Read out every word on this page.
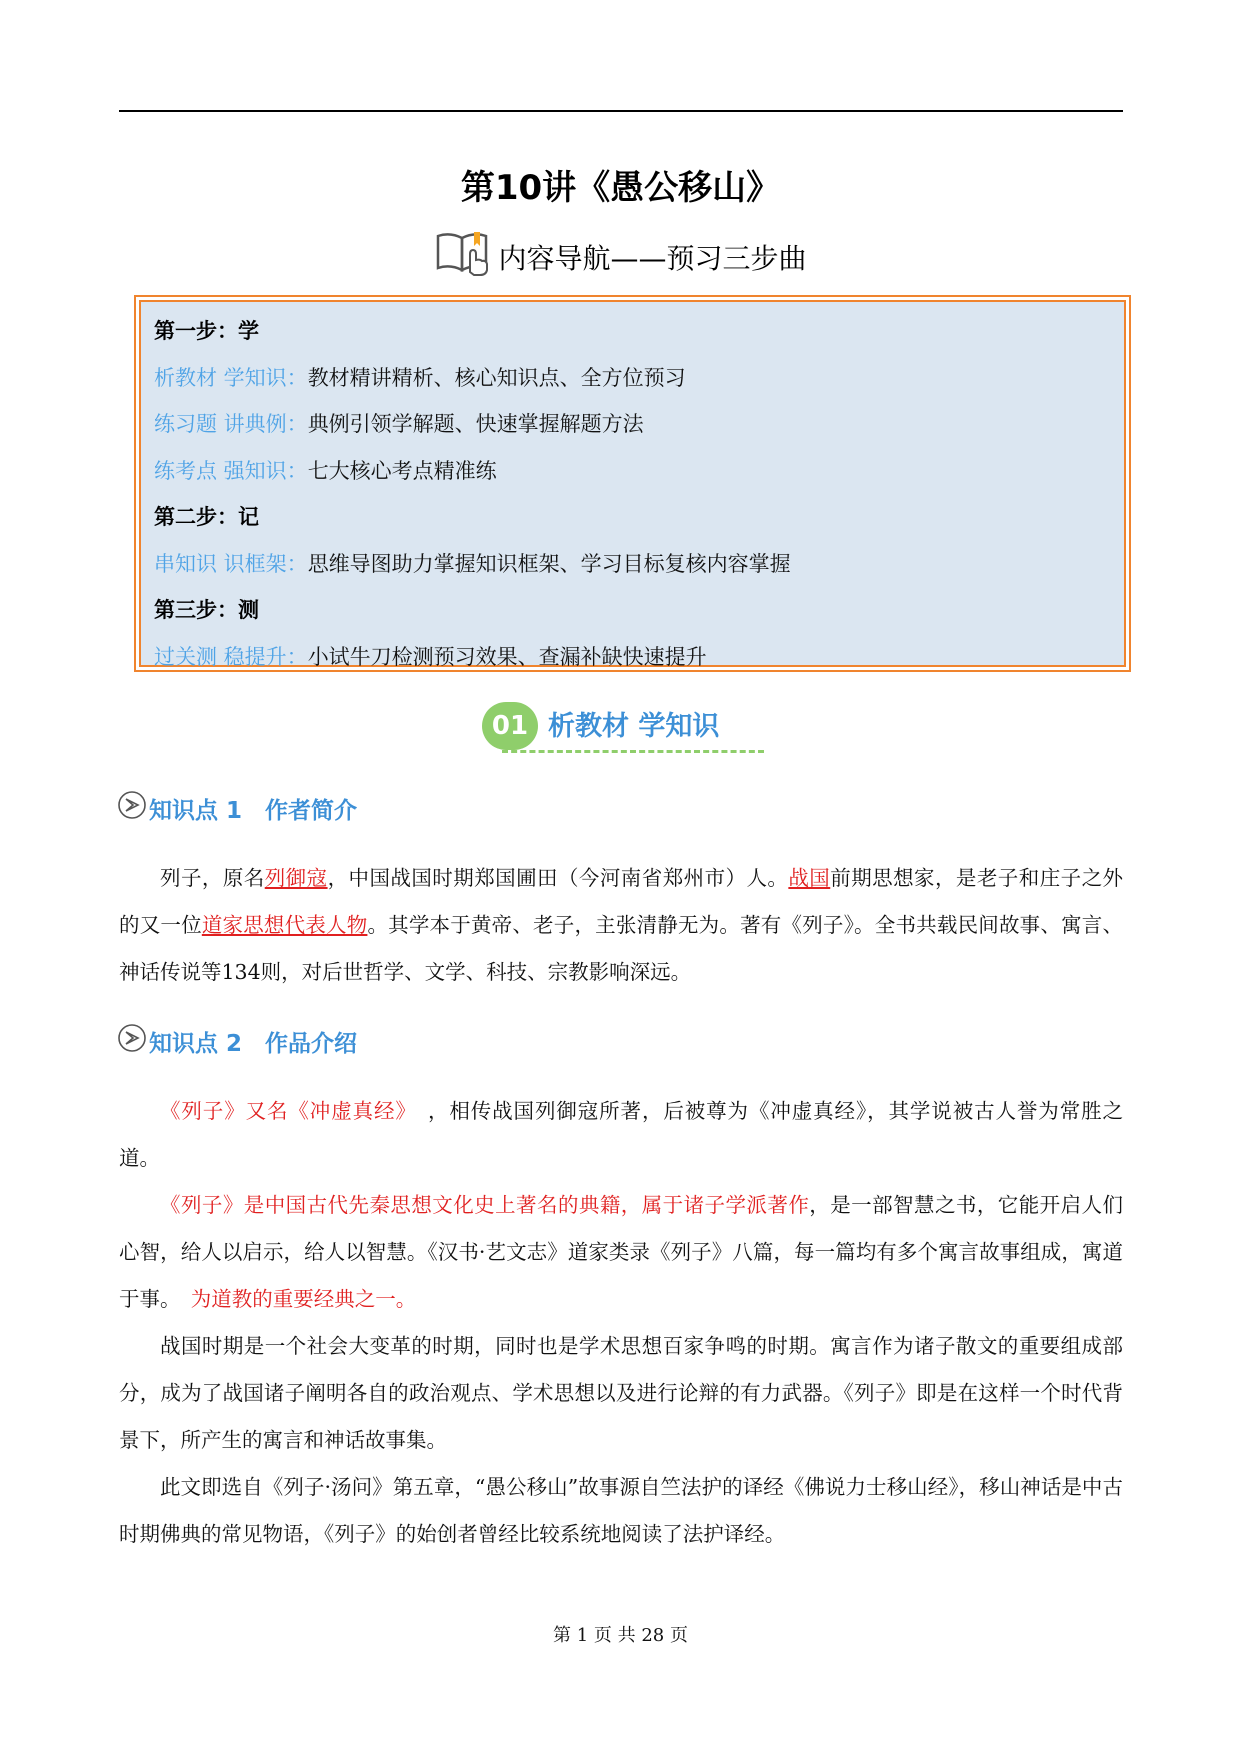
第10讲《愚公移山》
内容导航——预习三步曲
第一步：学
析教材 学知识：教材精讲精析、核心知识点、全方位预习
练习题 讲典例：典例引领学解题、快速掌握解题方法
练考点 强知识：七大核心考点精准练
第二步：记
串知识 识框架：思维导图助力掌握知识框架、学习目标复核内容掌握
第三步：测
过关测 稳提升：小试牛刀检测预习效果、查漏补缺快速提升
01 析教材 学知识
知识点 1 作者简介
列子，原名列御寇，中国战国时期郑国圃田（今河南省郑州市）人。战国前期思想家，是老子和庄子之外的又一位道家思想代表人物。其学本于黄帝、老子，主张清静无为。著有《列子》。全书共载民间故事、寓言、神话传说等134则，对后世哲学、文学、科技、宗教影响深远。
知识点 2 作品介绍
《列子》又名《冲虚真经》　，相传战国列御寇所著，后被尊为《冲虚真经》，其学说被古人誉为常胜之道。
《列子》是中国古代先秦思想文化史上著名的典籍，属于诸子学派著作，是一部智慧之书，它能开启人们心智，给人以启示，给人以智慧。《汉书·艺文志》道家类录《列子》八篇，每一篇均有多个寓言故事组成，寓道于事。　为道教的重要经典之一。
战国时期是一个社会大变革的时期，同时也是学术思想百家争鸣的时期。寓言作为诸子散文的重要组成部分，成为了战国诸子阐明各自的政治观点、学术思想以及进行论辩的有力武器。《列子》即是在这样一个时代背景下，所产生的寓言和神话故事集。
此文即选自《列子·汤问》第五章，“愚公移山”故事源自竺法护的译经《佛说力士移山经》，移山神话是中古时期佛典的常见物语，《列子》的始创者曾经比较系统地阅读了法护译经。
第 1 页 共 28 页
